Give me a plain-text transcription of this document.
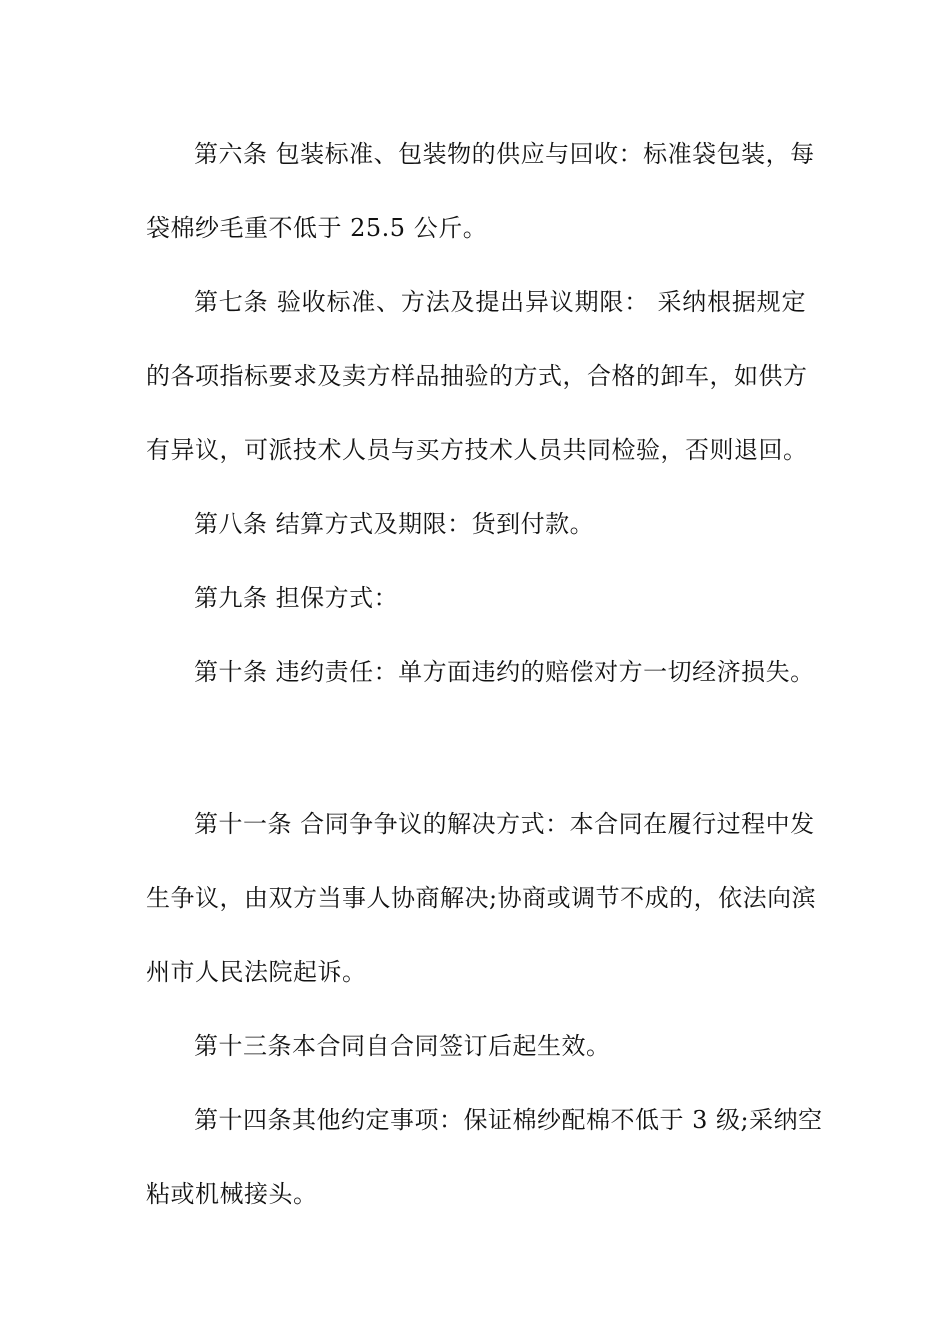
第六条 包装标准、包装物的供应与回收：标准袋包装，每
袋棉纱毛重不低于 25.5 公斤。
第七条 验收标准、方法及提出异议期限： 采纳根据规定
的各项指标要求及卖方样品抽验的方式，合格的卸车，如供方
有异议，可派技术人员与买方技术人员共同检验，否则退回。
第八条 结算方式及期限：货到付款。
第九条 担保方式：
第十条 违约责任：单方面违约的赔偿对方一切经济损失。
第十一条 合同争争议的解决方式：本合同在履行过程中发
生争议，由双方当事人协商解决;协商或调节不成的，依法向滨
州市人民法院起诉。
第十三条本合同自合同签订后起生效。
第十四条其他约定事项：保证棉纱配棉不低于 3 级;采纳空
粘或机械接头。
